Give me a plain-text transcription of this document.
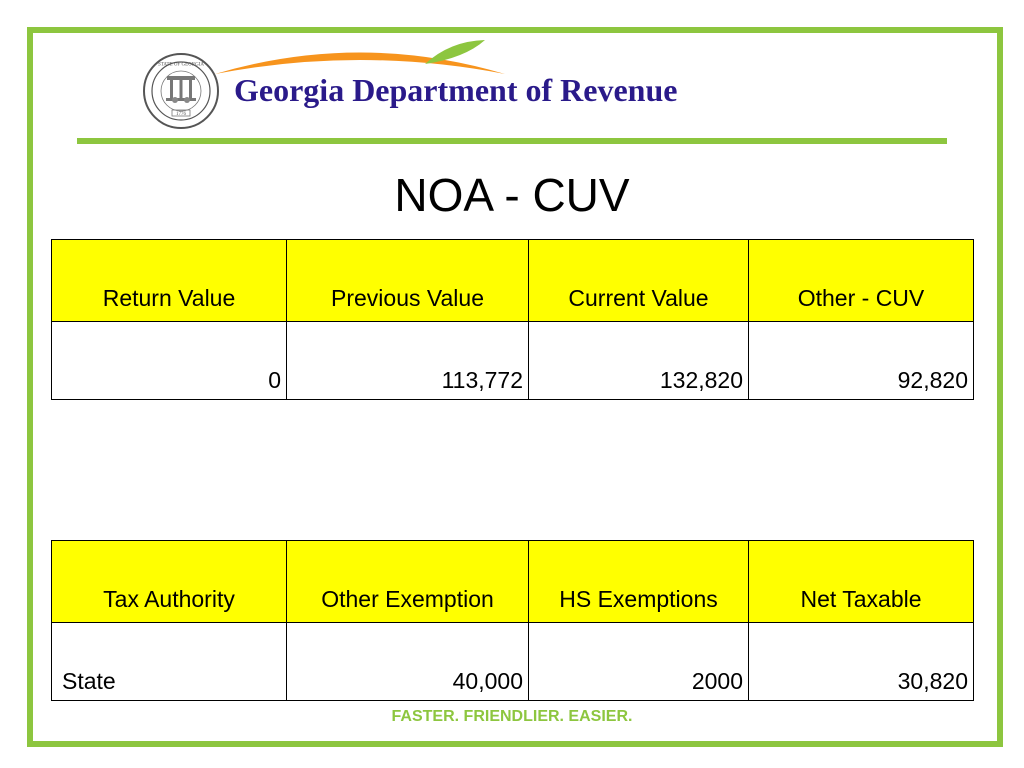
STATE OF GEORGIA
1776
Georgia Department of Revenue
NOA - CUV
Return Value	Previous Value	Current Value	Other - CUV
0	113,772	132,820	92,820
Tax Authority	Other Exemption	HS Exemptions	Net Taxable
State	40,000	2000	30,820

FASTER. FRIENDLIER. EASIER.
